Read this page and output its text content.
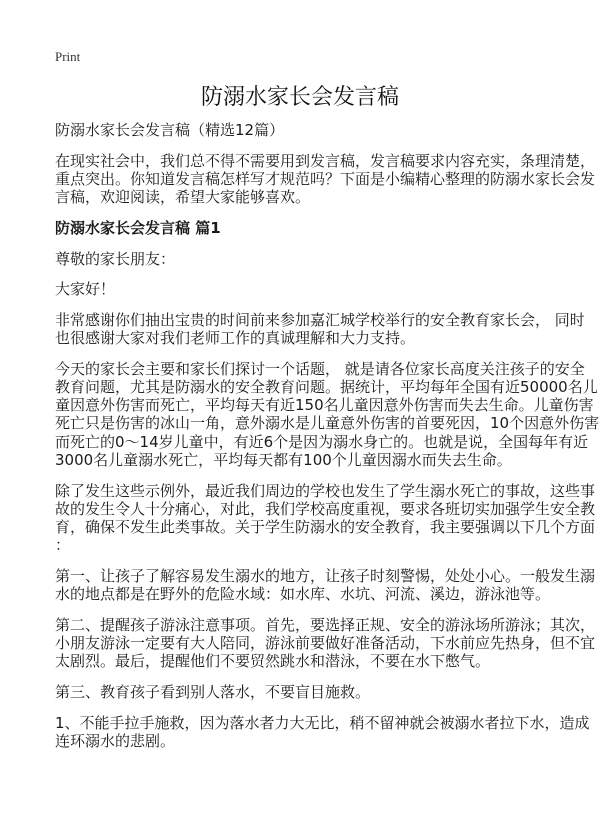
Print
防溺水家长会发言稿
防溺水家长会发言稿（精选12篇）
在现实社会中，我们总不得不需要用到发言稿，发言稿要求内容充实，条理清楚，
重点突出。你知道发言稿怎样写才规范吗？下面是小编精心整理的防溺水家长会发
言稿，欢迎阅读，希望大家能够喜欢。
防溺水家长会发言稿 篇1
尊敬的家长朋友：
大家好！
非常感谢你们抽出宝贵的时间前来参加嘉汇城学校举行的安全教育家长会， 同时
也很感谢大家对我们老师工作的真诚理解和大力支持。
今天的家长会主要和家长们探讨一个话题， 就是请各位家长高度关注孩子的安全
教育问题，尤其是防溺水的安全教育问题。据统计，平均每年全国有近50000名儿
童因意外伤害而死亡，平均每天有近150名儿童因意外伤害而失去生命。儿童伤害
死亡只是伤害的冰山一角，意外溺水是儿童意外伤害的首要死因，10个因意外伤害
而死亡的0～14岁儿童中，有近6个是因为溺水身亡的。也就是说，全国每年有近
3000名儿童溺水死亡，平均每天都有100个儿童因溺水而失去生命。
除了发生这些示例外，最近我们周边的学校也发生了学生溺水死亡的事故，这些事
故的发生令人十分痛心，对此，我们学校高度重视，要求各班切实加强学生安全教
育，确保不发生此类事故。关于学生防溺水的安全教育，我主要强调以下几个方面
：
第一、让孩子了解容易发生溺水的地方，让孩子时刻警惕，处处小心。一般发生溺
水的地点都是在野外的危险水域：如水库、水坑、河流、溪边，游泳池等。
第二、提醒孩子游泳注意事项。首先，要选择正规、安全的游泳场所游泳；其次，
小朋友游泳一定要有大人陪同，游泳前要做好准备活动，下水前应先热身，但不宜
太剧烈。最后，提醒他们不要贸然跳水和潜泳，不要在水下憋气。
第三、教育孩子看到别人落水，不要盲目施救。
1、不能手拉手施救，因为落水者力大无比，稍不留神就会被溺水者拉下水，造成
连环溺水的悲剧。
